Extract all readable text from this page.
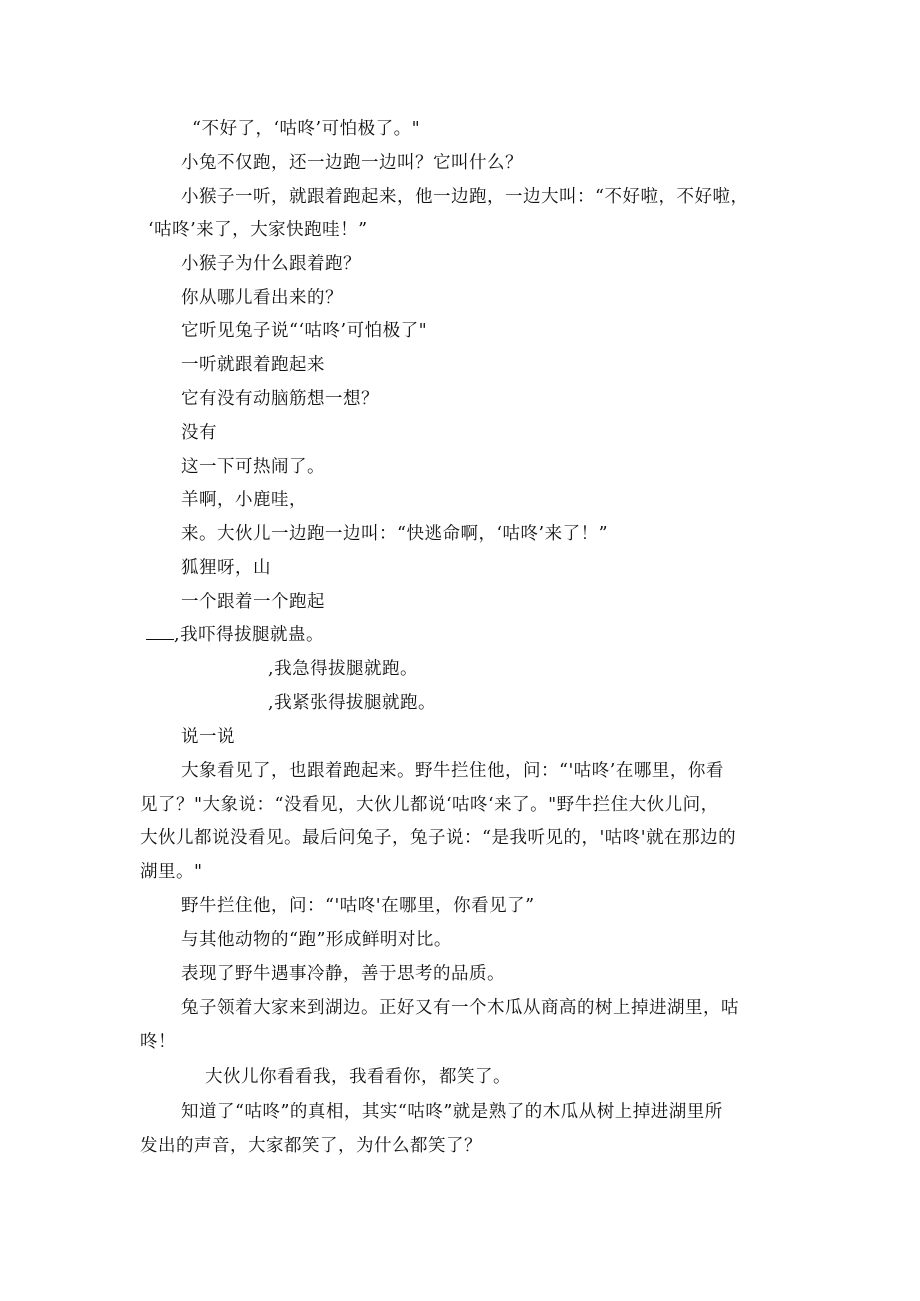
“不好了，‘咕咚’可怕极了。"
小兔不仅跑，还一边跑一边叫？它叫什么？
小猴子一听，就跟着跑起来，他一边跑，一边大叫：“不好啦，不好啦，
‘咕咚’来了，大家快跑哇！”
小猴子为什么跟着跑？
你从哪儿看出来的？
它听见兔子说“‘咕咚’可怕极了"
一听就跟着跑起来
它有没有动脑筋想一想？
没有
这一下可热闹了。
羊啊，小鹿哇，
来。大伙儿一边跑一边叫：“快逃命啊，‘咕咚’来了！”
狐狸呀，山
一个跟着一个跑起
,我吓得拔腿就蛊。
,我急得拔腿就跑。
,我紧张得拔腿就跑。
说一说
大象看见了，也跟着跑起来。野牛拦住他，问：“'咕咚’在哪里，你看
见了？"大象说：“没看见，大伙儿都说‘咕咚‘来了。"野牛拦住大伙儿问，
大伙儿都说没看见。最后问兔子，兔子说：“是我听见的，'咕咚'就在那边的
湖里。"
野牛拦住他，问：“'咕咚'在哪里，你看见了”
与其他动物的“跑”形成鲜明对比。
表现了野牛遇事冷静，善于思考的品质。
兔子领着大家来到湖边。正好又有一个木瓜从商高的树上掉进湖里，咕
咚！
大伙儿你看看我，我看看你，都笑了。
知道了“咕咚”的真相，其实“咕咚”就是熟了的木瓜从树上掉进湖里所
发出的声音，大家都笑了，为什么都笑了？
